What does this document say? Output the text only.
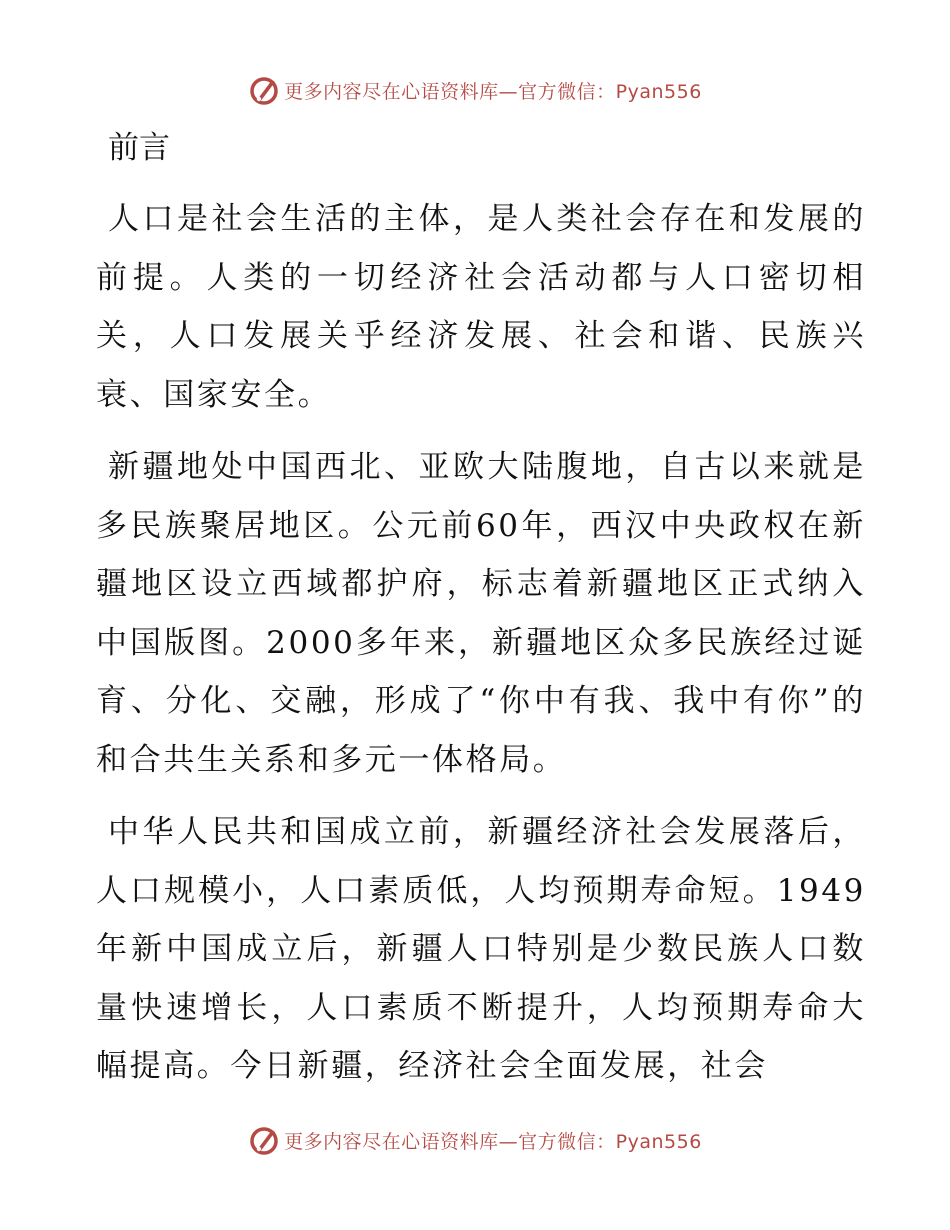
更多内容尽在心语资料库—官方微信：Pyan556
前言

人口是社会生活的主体，是人类社会存在和发展的前提。人类的一切经济社会活动都与人口密切相关，人口发展关乎经济发展、社会和谐、民族兴衰、国家安全。

新疆地处中国西北、亚欧大陆腹地，自古以来就是多民族聚居地区。公元前60年，西汉中央政权在新疆地区设立西域都护府，标志着新疆地区正式纳入中国版图。2000多年来，新疆地区众多民族经过诞育、分化、交融，形成了“你中有我、我中有你”的和合共生关系和多元一体格局。

中华人民共和国成立前，新疆经济社会发展落后，人口规模小，人口素质低，人均预期寿命短。1949年新中国成立后，新疆人口特别是少数民族人口数量快速增长，人口素质不断提升，人均预期寿命大幅提高。今日新疆，经济社会全面发展，社会

更多内容尽在心语资料库—官方微信：Pyan556
